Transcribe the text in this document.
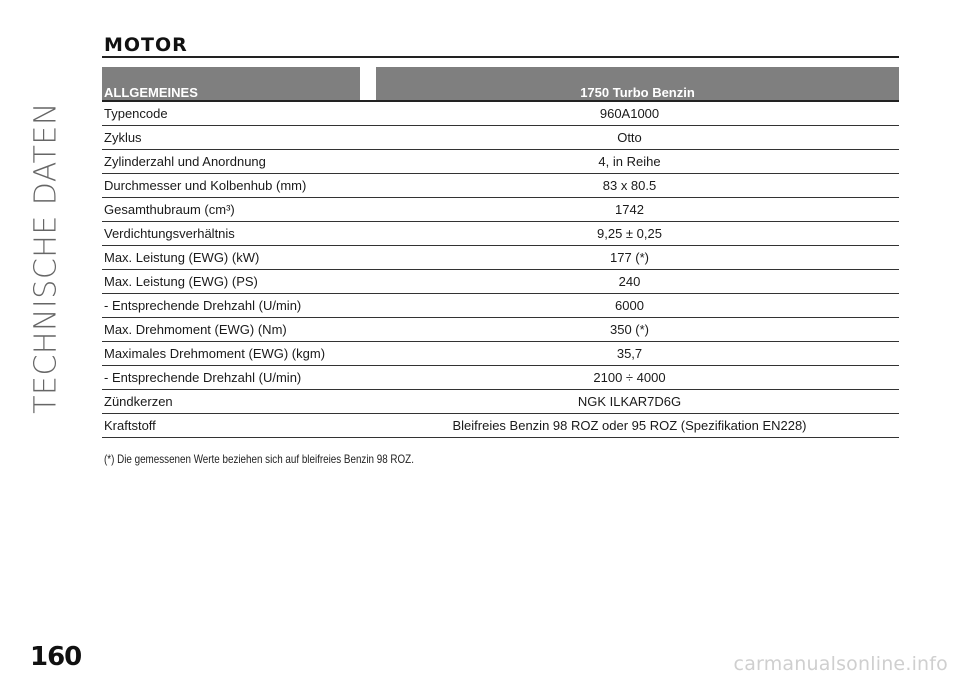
TECHNISCHE DATEN
MOTOR
ALLGEMEINES		1750 Turbo Benzin
Typencode	960A1000	
Zyklus	Otto	
Zylinderzahl und Anordnung	4, in Reihe	
Durchmesser und Kolbenhub (mm)	83 x 80.5	
Gesamthubraum (cm³)	1742	
Verdichtungsverhältnis	9,25 ± 0,25	
Max. Leistung (EWG) (kW)	177 (*)	
Max. Leistung (EWG) (PS)	240	
- Entsprechende Drehzahl (U/min)	6000	
Max. Drehmoment (EWG) (Nm)	350 (*)	
Maximales Drehmoment (EWG) (kgm)	35,7	
- Entsprechende Drehzahl (U/min)	2100 ÷ 4000	
Zündkerzen	NGK ILKAR7D6G	
Kraftstoff	Bleifreies Benzin 98 ROZ oder 95 ROZ (Spezifikation EN228)	
(*) Die gemessenen Werte beziehen sich auf bleifreies Benzin 98 ROZ.
160	carmanualsonline.info
